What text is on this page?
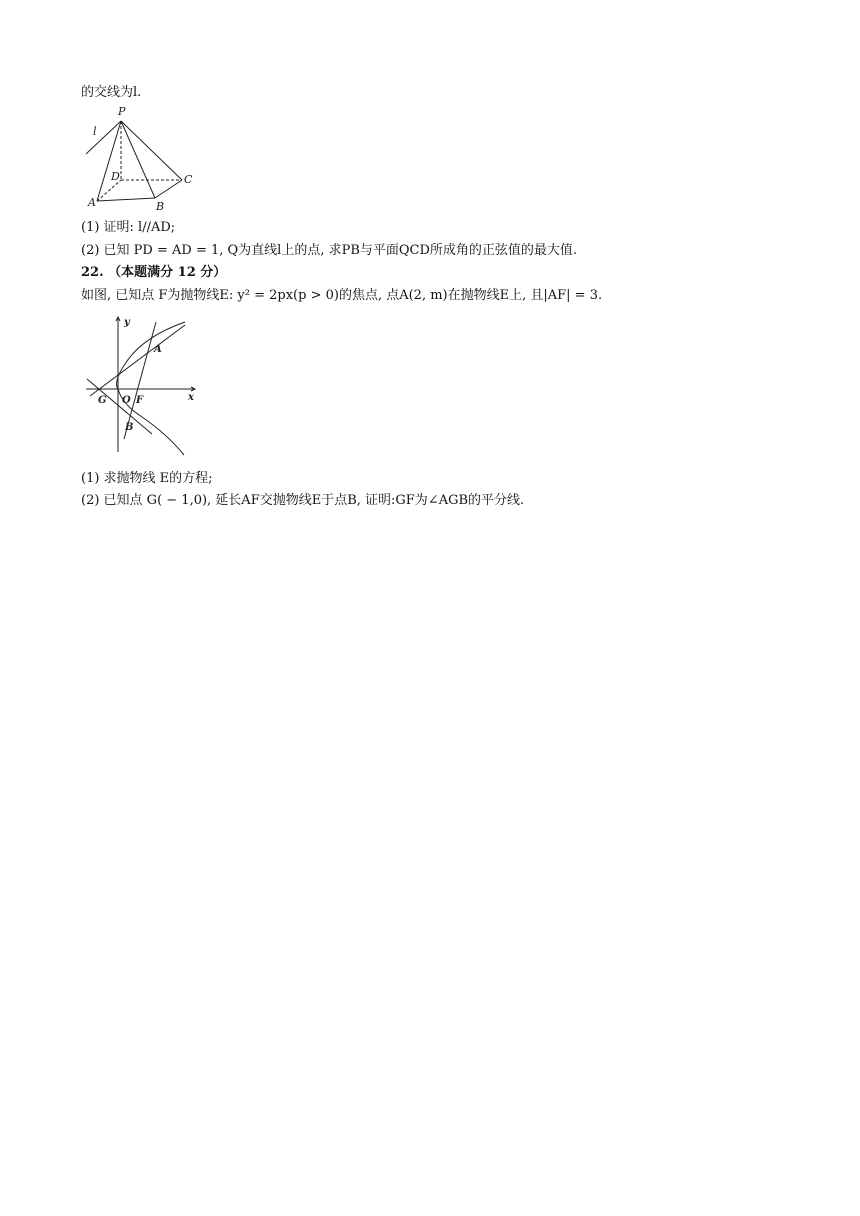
的交线为l.
P
l
D	C
A	B
(1) 证明: l//AD;
(2) 已知 PD = AD = 1, Q为直线l上的点, 求PB与平面QCD所成角的正弦值的最大值.
22. （本题满分 12 分）
如图, 已知点 F为抛物线E: y² = 2px(p > 0)的焦点, 点A(2, m)在抛物线E上, 且|AF| = 3.
y
x
A
G O F
B
(1) 求抛物线 E的方程;
(2) 已知点 G( − 1,0), 延长AF交抛物线E于点B, 证明:GF为∠AGB的平分线.
